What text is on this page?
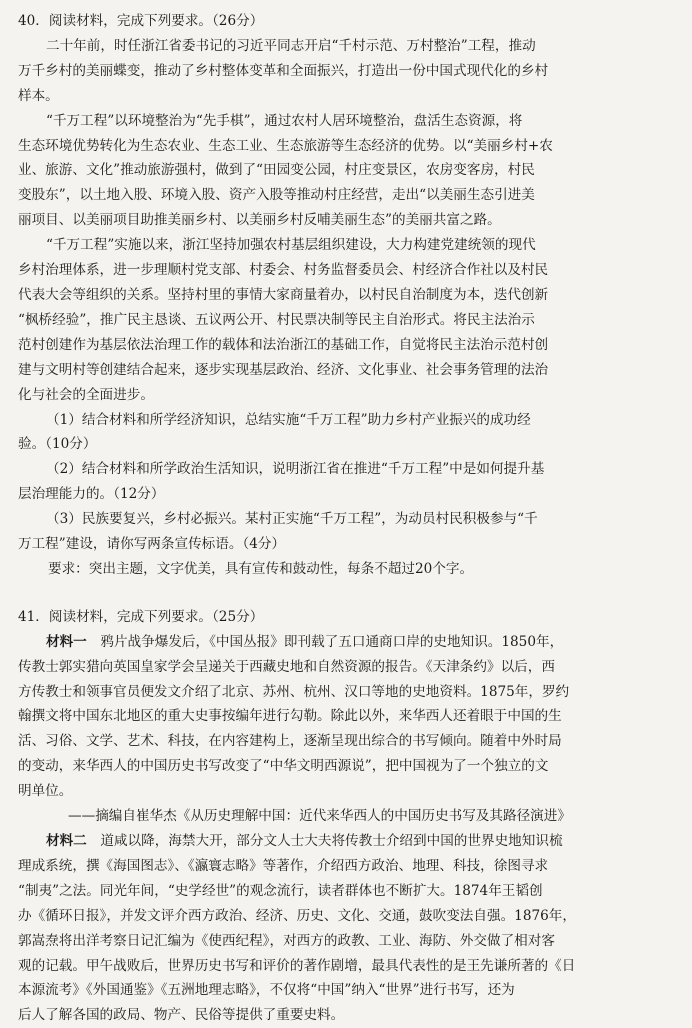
40．阅读材料，完成下列要求。（26分）
二十年前，时任浙江省委书记的习近平同志开启“千村示范、万村整治”工程，推动
万千乡村的美丽蝶变，推动了乡村整体变革和全面振兴，打造出一份中国式现代化的乡村
样本。
“千万工程”以环境整治为“先手棋”，通过农村人居环境整治，盘活生态资源，将
生态环境优势转化为生态农业、生态工业、生态旅游等生态经济的优势。以“美丽乡村+农
业、旅游、文化”推动旅游强村，做到了“田园变公园，村庄变景区，农房变客房，村民
变股东”，以土地入股、环境入股、资产入股等推动村庄经营，走出“以美丽生态引进美
丽项目、以美丽项目助推美丽乡村、以美丽乡村反哺美丽生态”的美丽共富之路。
“千万工程”实施以来，浙江坚持加强农村基层组织建设，大力构建党建统领的现代
乡村治理体系，进一步理顺村党支部、村委会、村务监督委员会、村经济合作社以及村民
代表大会等组织的关系。坚持村里的事情大家商量着办，以村民自治制度为本，迭代创新
“枫桥经验”，推广民主恳谈、五议两公开、村民票决制等民主自治形式。将民主法治示
范村创建作为基层依法治理工作的载体和法治浙江的基础工作，自觉将民主法治示范村创
建与文明村等创建结合起来，逐步实现基层政治、经济、文化事业、社会事务管理的法治
化与社会的全面进步。
（1）结合材料和所学经济知识，总结实施“千万工程”助力乡村产业振兴的成功经
验。（10分）
（2）结合材料和所学政治生活知识，说明浙江省在推进“千万工程”中是如何提升基
层治理能力的。（12分）
（3）民族要复兴，乡村必振兴。某村正实施“千万工程”，为动员村民积极参与“千
万工程”建设，请你写两条宣传标语。（4分）
要求：突出主题，文字优美，具有宣传和鼓动性，每条不超过20个字。
41．阅读材料，完成下列要求。（25分）
材料一　 鸦片战争爆发后，《中国丛报》即刊载了五口通商口岸的史地知识。1850年，
传教士郭实猎向英国皇家学会呈递关于西藏史地和自然资源的报告。《天津条约》以后，西
方传教士和领事官员便发文介绍了北京、苏州、杭州、汉口等地的史地资料。1875年，罗约
翰撰文将中国东北地区的重大史事按编年进行勾勒。除此以外，来华西人还着眼于中国的生
活、习俗、文学、艺术、科技，在内容建构上，逐渐呈现出综合的书写倾向。随着中外时局
的变动，来华西人的中国历史书写改变了“中华文明西源说”，把中国视为了一个独立的文
明单位。
——摘编自崔华杰《从历史理解中国：近代来华西人的中国历史书写及其路径演进》
材料二　 道咸以降，海禁大开，部分文人士大夫将传教士介绍到中国的世界史地知识梳
理成系统，撰《海国图志》、《瀛寰志略》等著作，介绍西方政治、地理、科技，徐图寻求
“制夷”之法。同光年间，“史学经世”的观念流行，读者群体也不断扩大。1874年王韬创
办《循环日报》，并发文评介西方政治、经济、历史、文化、交通，鼓吹变法自强。1876年，
郭嵩焘将出洋考察日记汇编为《使西纪程》，对西方的政教、工业、海防、外交做了相对客
观的记载。甲午战败后，世界历史书写和评价的著作剧增，最具代表性的是王先谦所著的《日
本源流考》《外国通鉴》《五洲地理志略》，不仅将“中国”纳入“世界”进行书写，还为
后人了解各国的政局、物产、民俗等提供了重要史料。
